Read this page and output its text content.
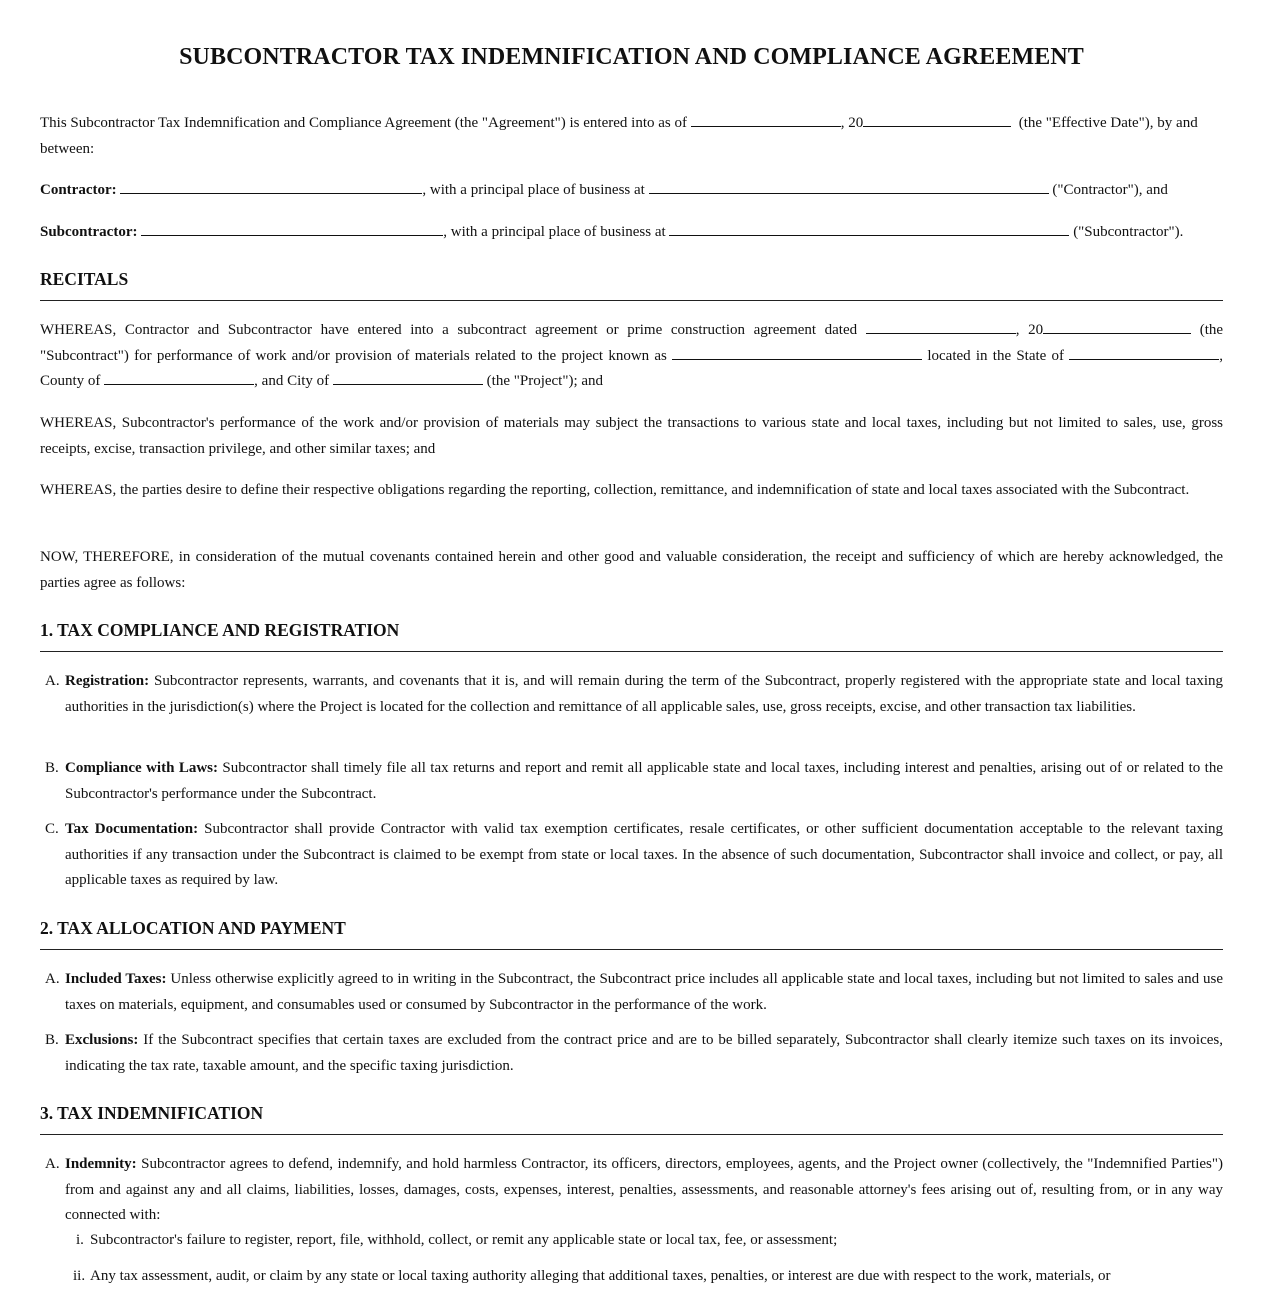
SUBCONTRACTOR TAX INDEMNIFICATION AND COMPLIANCE AGREEMENT

This Subcontractor Tax Indemnification and Compliance Agreement (the "Agreement") is entered into as of	, 20	(the "Effective Date"), by and between:

Contractor:	, with a principal place of business at	("Contractor"), and

Subcontractor:	, with a principal place of business at	("Subcontractor").

RECITALS

WHEREAS, Contractor and Subcontractor have entered into a subcontract agreement or prime construction agreement dated	, 20	(the "Subcontract") for performance of work and/or provision of materials related to the project known as	located in the State of	, County of	, and City of	(the "Project"); and

WHEREAS, Subcontractor's performance of the work and/or provision of materials may subject the transactions to various state and local taxes, including but not limited to sales, use, gross receipts, excise, transaction privilege, and other similar taxes; and

WHEREAS, the parties desire to define their respective obligations regarding the reporting, collection, remittance, and indemnification of state and local taxes associated with the Subcontract.

NOW, THEREFORE, in consideration of the mutual covenants contained herein and other good and valuable consideration, the receipt and sufficiency of which are hereby acknowledged, the parties agree as follows:

1. TAX COMPLIANCE AND REGISTRATION
A. Registration: Subcontractor represents, warrants, and covenants that it is, and will remain during the term of the Subcontract, properly registered with the appropriate state and local taxing authorities in the jurisdiction(s) where the Project is located for the collection and remittance of all applicable sales, use, gross receipts, excise, and other transaction tax liabilities.
B. Compliance with Laws: Subcontractor shall timely file all tax returns and report and remit all applicable state and local taxes, including interest and penalties, arising out of or related to the Subcontractor's performance under the Subcontract.
C. Tax Documentation: Subcontractor shall provide Contractor with valid tax exemption certificates, resale certificates, or other sufficient documentation acceptable to the relevant taxing authorities if any transaction under the Subcontract is claimed to be exempt from state or local taxes. In the absence of such documentation, Subcontractor shall invoice and collect, or pay, all applicable taxes as required by law.
2. TAX ALLOCATION AND PAYMENT
A. Included Taxes: Unless otherwise explicitly agreed to in writing in the Subcontract, the Subcontract price includes all applicable state and local taxes, including but not limited to sales and use taxes on materials, equipment, and consumables used or consumed by Subcontractor in the performance of the work.
B. Exclusions: If the Subcontract specifies that certain taxes are excluded from the contract price and are to be billed separately, Subcontractor shall clearly itemize such taxes on its invoices, indicating the tax rate, taxable amount, and the specific taxing jurisdiction.
3. TAX INDEMNIFICATION
A. Indemnity: Subcontractor agrees to defend, indemnify, and hold harmless Contractor, its officers, directors, employees, agents, and the Project owner (collectively, the "Indemnified Parties") from and against any and all claims, liabilities, losses, damages, costs, expenses, interest, penalties, assessments, and reasonable attorney's fees arising out of, resulting from, or in any way connected with:
i. Subcontractor's failure to register, report, file, withhold, collect, or remit any applicable state or local tax, fee, or assessment;
ii. Any tax assessment, audit, or claim by any state or local taxing authority alleging that additional taxes, penalties, or interest are due with respect to the work, materials, or
